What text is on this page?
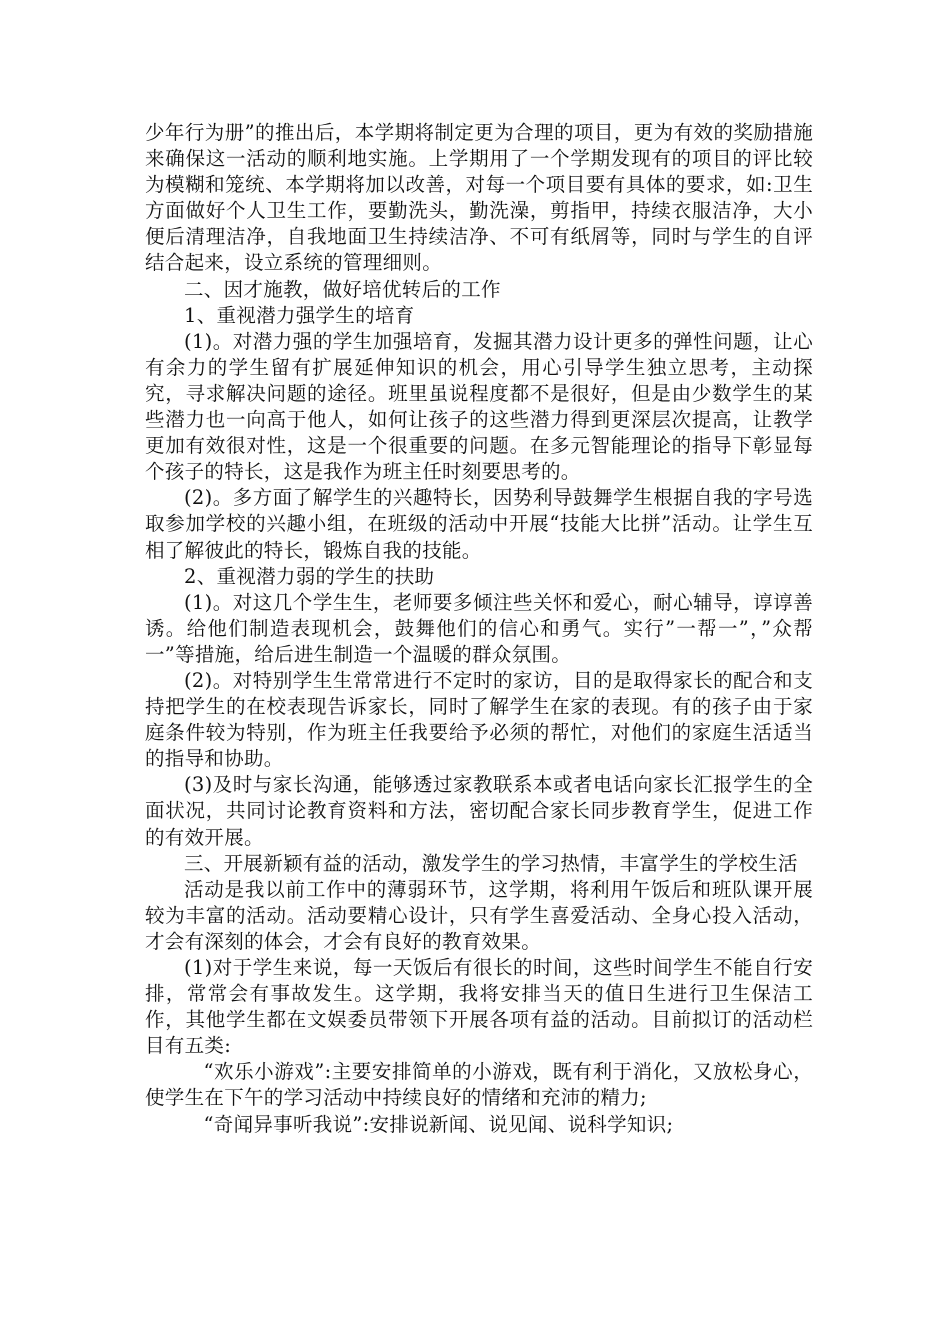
少年行为册”的推出后，本学期将制定更为合理的项目，更为有效的奖励措施来确保这一活动的顺利地实施。上学期用了一个学期发现有的项目的评比较为模糊和笼统、本学期将加以改善，对每一个项目要有具体的要求，如:卫生方面做好个人卫生工作，要勤洗头，勤洗澡，剪指甲，持续衣服洁净，大小便后清理洁净，自我地面卫生持续洁净、不可有纸屑等，同时与学生的自评结合起来，设立系统的管理细则。

二、因才施教，做好培优转后的工作

1、重视潜力强学生的培育

(1)。对潜力强的学生加强培育，发掘其潜力设计更多的弹性问题，让心有余力的学生留有扩展延伸知识的机会，用心引导学生独立思考，主动探究，寻求解决问题的途径。班里虽说程度都不是很好，但是由少数学生的某些潜力也一向高于他人，如何让孩子的这些潜力得到更深层次提高，让教学更加有效很对性，这是一个很重要的问题。在多元智能理论的指导下彰显每个孩子的特长，这是我作为班主任时刻要思考的。

(2)。多方面了解学生的兴趣特长，因势利导鼓舞学生根据自我的字号选取参加学校的兴趣小组，在班级的活动中开展“技能大比拼”活动。让学生互相了解彼此的特长，锻炼自我的技能。

2、重视潜力弱的学生的扶助

(1)。对这几个学生生，老师要多倾注些关怀和爱心，耐心辅导，谆谆善诱。给他们制造表现机会，鼓舞他们的信心和勇气。实行”一帮一”，”众帮一”等措施，给后进生制造一个温暖的群众氛围。

(2)。对特别学生生常常进行不定时的家访，目的是取得家长的配合和支持把学生的在校表现告诉家长，同时了解学生在家的表现。有的孩子由于家庭条件较为特别，作为班主任我要给予必须的帮忙，对他们的家庭生活适当的指导和协助。

(3)及时与家长沟通，能够透过家教联系本或者电话向家长汇报学生的全面状况，共同讨论教育资料和方法，密切配合家长同步教育学生，促进工作的有效开展。

三、开展新颖有益的活动，激发学生的学习热情，丰富学生的学校生活

活动是我以前工作中的薄弱环节，这学期，将利用午饭后和班队课开展较为丰富的活动。活动要精心设计，只有学生喜爱活动、全身心投入活动，才会有深刻的体会，才会有良好的教育效果。

(1)对于学生来说，每一天饭后有很长的时间，这些时间学生不能自行安排，常常会有事故发生。这学期，我将安排当天的值日生进行卫生保洁工作，其他学生都在文娱委员带领下开展各项有益的活动。目前拟订的活动栏目有五类:

“欢乐小游戏”:主要安排简单的小游戏，既有利于消化，又放松身心，使学生在下午的学习活动中持续良好的情绪和充沛的精力;

“奇闻异事听我说”:安排说新闻、说见闻、说科学知识;
